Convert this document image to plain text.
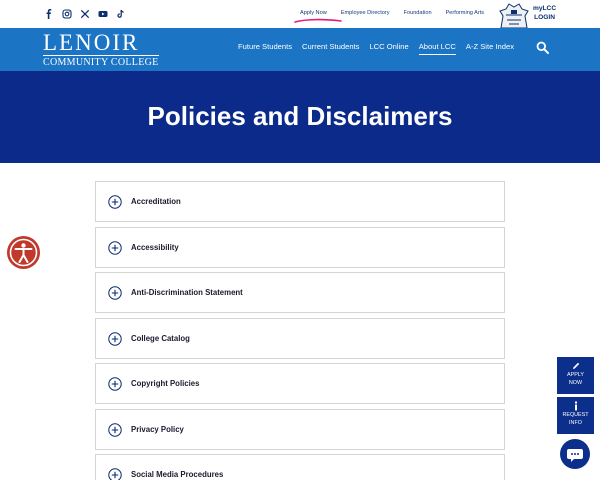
Apply Now	Employee Directory	Foundation	Performing Arts
myLCC
LOGIN
LENOIR
COMMUNITY COLLEGE
Future Students Current Students LCC Online About LCC A-Z Site Index
Policies and Disclaimers
Accreditation
Accessibility
Anti-Discrimination Statement
College Catalog
Copyright Policies
Privacy Policy
Social Media Procedures
APPLY
NOW
REQUEST
INFO
